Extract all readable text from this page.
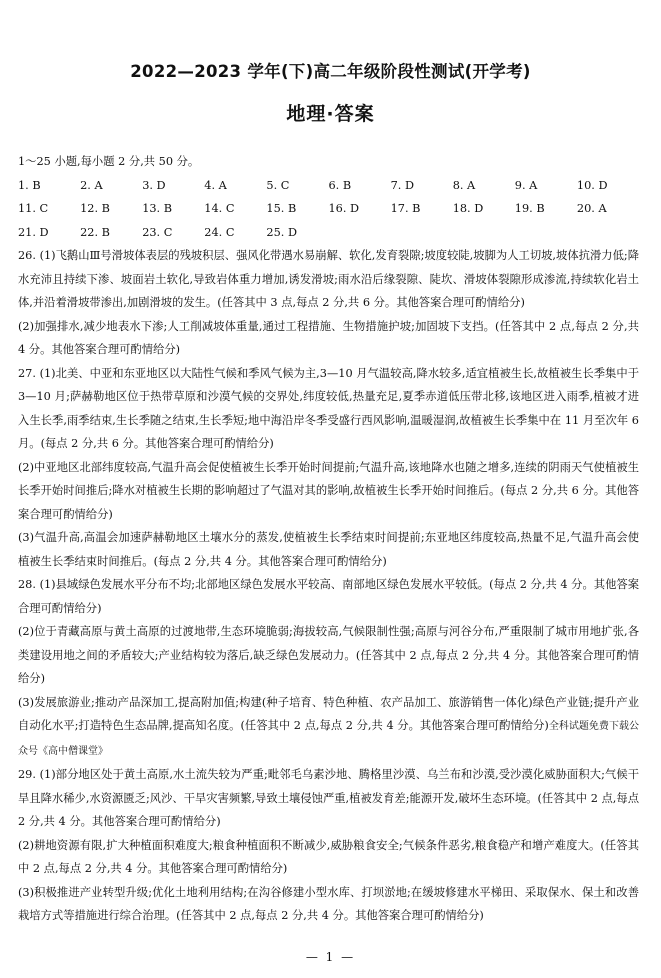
2022—2023 学年(下)高二年级阶段性测试(开学考)
地理·答案
1～25 小题,每小题 2 分,共 50 分。
1. B	2. A	3. D	4. A	5. C	6. B	7. D	8. A	9. A	10. D
11. C	12. B	13. B	14. C	15. B	16. D	17. B	18. D	19. B	20. A
21. D	22. B	23. C	24. C	25. D

26. (1)飞鹅山Ⅲ号滑坡体表层的残坡积层、强风化带遇水易崩解、软化,发育裂隙;坡度较陡,坡脚为人工切坡,坡体抗滑力低;降水充沛且持续下渗、坡面岩土软化,导致岩体重力增加,诱发滑坡;雨水沿后缘裂隙、陡坎、滑坡体裂隙形成渗流,持续软化岩土体,并沿着滑坡带渗出,加剧滑坡的发生。(任答其中 3 点,每点 2 分,共 6 分。其他答案合理可酌情给分)

(2)加强排水,减少地表水下渗;人工削减坡体重量,通过工程措施、生物措施护坡;加固坡下支挡。(任答其中 2 点,每点 2 分,共 4 分。其他答案合理可酌情给分)

27. (1)北美、中亚和东亚地区以大陆性气候和季风气候为主,3—10 月气温较高,降水较多,适宜植被生长,故植被生长季集中于 3—10 月;萨赫勒地区位于热带草原和沙漠气候的交界处,纬度较低,热量充足,夏季赤道低压带北移,该地区进入雨季,植被才进入生长季,雨季结束,生长季随之结束,生长季短;地中海沿岸冬季受盛行西风影响,温暖湿润,故植被生长季集中在 11 月至次年 6 月。(每点 2 分,共 6 分。其他答案合理可酌情给分)

(2)中亚地区北部纬度较高,气温升高会促使植被生长季开始时间提前;气温升高,该地降水也随之增多,连续的阴雨天气使植被生长季开始时间推后;降水对植被生长期的影响超过了气温对其的影响,故植被生长季开始时间推后。(每点 2 分,共 6 分。其他答案合理可酌情给分)

(3)气温升高,高温会加速萨赫勒地区土壤水分的蒸发,使植被生长季结束时间提前;东亚地区纬度较高,热量不足,气温升高会使植被生长季结束时间推后。(每点 2 分,共 4 分。其他答案合理可酌情给分)

28. (1)县域绿色发展水平分布不均;北部地区绿色发展水平较高、南部地区绿色发展水平较低。(每点 2 分,共 4 分。其他答案合理可酌情给分)

(2)位于青藏高原与黄土高原的过渡地带,生态环境脆弱;海拔较高,气候限制性强;高原与河谷分布,严重限制了城市用地扩张,各类建设用地之间的矛盾较大;产业结构较为落后,缺乏绿色发展动力。(任答其中 2 点,每点 2 分,共 4 分。其他答案合理可酌情给分)

(3)发展旅游业;推动产品深加工,提高附加值;构建(种子培育、特色种植、农产品加工、旅游销售一体化)绿色产业链;提升产业自动化水平;打造特色生态品牌,提高知名度。(任答其中 2 点,每点 2 分,共 4 分。其他答案合理可酌情给分)全科试题免费下载公众号《高中僧课堂》

29. (1)部分地区处于黄土高原,水土流失较为严重;毗邻毛乌素沙地、腾格里沙漠、乌兰布和沙漠,受沙漠化威胁面积大;气候干旱且降水稀少,水资源匮乏;风沙、干旱灾害频繁,导致土壤侵蚀严重,植被发育差;能源开发,破坏生态环境。(任答其中 2 点,每点 2 分,共 4 分。其他答案合理可酌情给分)

(2)耕地资源有限,扩大种植面积难度大;粮食种植面积不断减少,威胁粮食安全;气候条件恶劣,粮食稳产和增产难度大。(任答其中 2 点,每点 2 分,共 4 分。其他答案合理可酌情给分)

(3)积极推进产业转型升级;优化土地利用结构;在沟谷修建小型水库、打坝淤地;在缓坡修建水平梯田、采取保水、保土和改善栽培方式等措施进行综合治理。(任答其中 2 点,每点 2 分,共 4 分。其他答案合理可酌情给分)

— 1 —
